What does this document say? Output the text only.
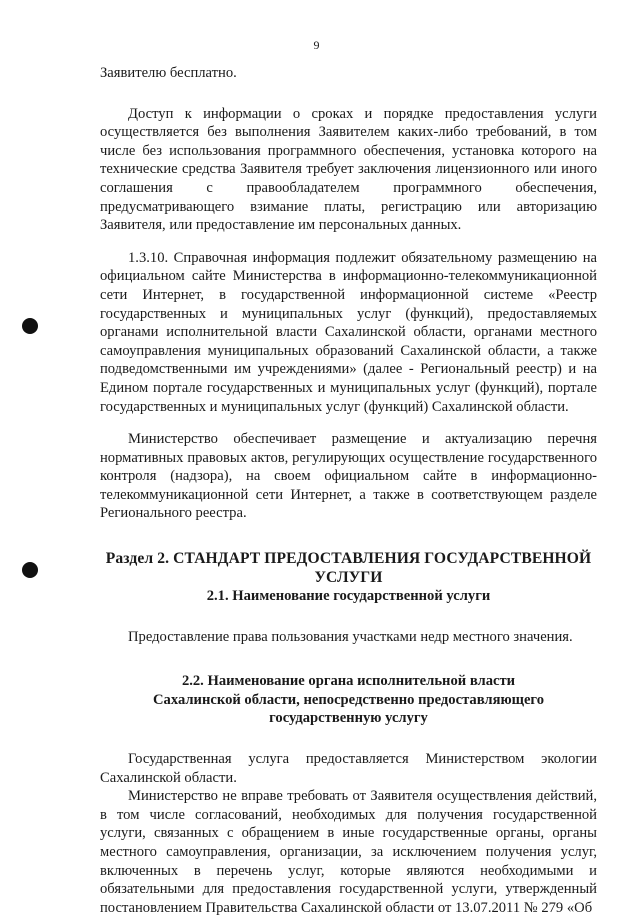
9

Заявителю бесплатно.

Доступ к информации о сроках и порядке предоставления услуги осуществляется без выполнения Заявителем каких-либо требований, в том числе без использования программного обеспечения, установка которого на технические средства Заявителя требует заключения лицензионного или иного соглашения с правообладателем программного обеспечения, предусматривающего взимание платы, регистрацию или авторизацию Заявителя, или предоставление им персональных данных.

1.3.10. Справочная информация подлежит обязательному размещению на официальном сайте Министерства в информационно-телекоммуникационной сети Интернет, в государственной информационной системе «Реестр государственных и муниципальных услуг (функций), предоставляемых органами исполнительной власти Сахалинской области, органами местного самоуправления муниципальных образований Сахалинской области, а также подведомственными им учреждениями» (далее - Региональный реестр) и на Едином портале государственных и муниципальных услуг (функций), портале государственных и муниципальных услуг (функций) Сахалинской области.

Министерство обеспечивает размещение и актуализацию перечня нормативных правовых актов, регулирующих осуществление государственного контроля (надзора), на своем официальном сайте в информационно-телекоммуникационной сети Интернет, а также в соответствующем разделе Регионального реестра.

Раздел 2. СТАНДАРТ ПРЕДОСТАВЛЕНИЯ ГОСУДАРСТВЕННОЙ УСЛУГИ
2.1. Наименование государственной услуги

Предоставление права пользования участками недр местного значения.

2.2. Наименование органа исполнительной власти
Сахалинской области, непосредственно предоставляющего
государственную услугу

Государственная услуга предоставляется Министерством экологии Сахалинской области.

Министерство не вправе требовать от Заявителя осуществления действий, в том числе согласований, необходимых для получения государственной услуги, связанных с обращением в иные государственные органы, органы местного самоуправления, организации, за исключением получения услуг, включенных в перечень услуг, которые являются необходимыми и обязательными для предоставления государственной услуги, утвержденный постановлением Правительства Сахалинской области от 13.07.2011 № 279 «Об
